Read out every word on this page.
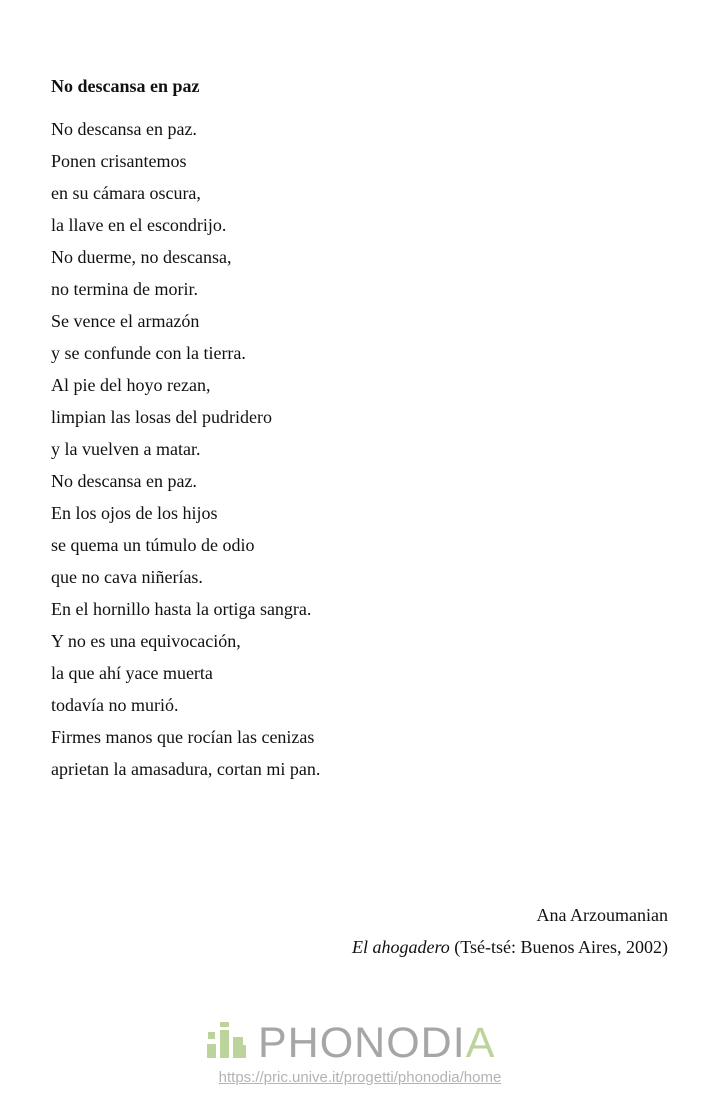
No descansa en paz
No descansa en paz.
Ponen crisantemos
en su cámara oscura,
la llave en el escondrijo.
No duerme, no descansa,
no termina de morir.
Se vence el armazón
y se confunde con la tierra.
Al pie del hoyo rezan,
limpian las losas del pudridero
y la vuelven a matar.
No descansa en paz.
En los ojos de los hijos
se quema un túmulo de odio
que no cava niñerías.
En el hornillo hasta la ortiga sangra.
Y no es una equivocación,
la que ahí yace muerta
todavía no murió.
Firmes manos que rocían las cenizas
aprietan la amasadura, cortan mi pan.
Ana Arzoumanian
El ahogadero (Tsé-tsé: Buenos Aires, 2002)
PHONODIA
https://pric.unive.it/progetti/phonodia/home
